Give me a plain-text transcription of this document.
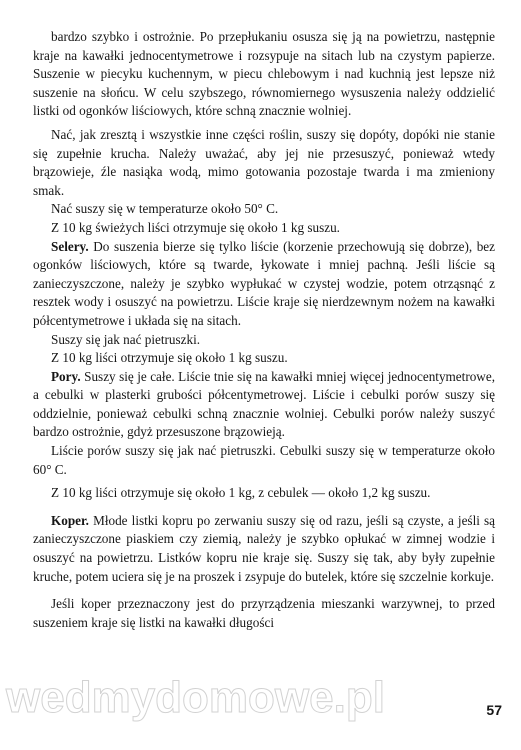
bardzo szybko i ostrożnie. Po przepłukaniu osusza się ją na powietrzu, następnie kraje na kawałki jednocentymetrowe i rozsypuje na sitach lub na czystym papierze. Suszenie w piecyku kuchennym, w piecu chlebowym i nad kuchnią jest lepsze niż suszenie na słońcu. W celu szybszego, równomiernego wysuszenia należy oddzielić listki od ogonków liściowych, które schną znacznie wolniej.

Nać, jak zresztą i wszystkie inne części roślin, suszy się dopóty, dopóki nie stanie się zupełnie krucha. Należy uważać, aby jej nie przesuszyć, ponieważ wtedy brązowieje, źle nasiąka wodą, mimo gotowania pozostaje twarda i ma zmieniony smak.

Nać suszy się w temperaturze około 50° C.

Z 10 kg świeżych liści otrzymuje się około 1 kg suszu.

Selery. Do suszenia bierze się tylko liście (korzenie przechowują się dobrze), bez ogonków liściowych, które są twarde, łykowate i mniej pachną. Jeśli liście są zanieczyszczone, należy je szybko wypłukać w czystej wodzie, potem otrząsnąć z resztek wody i osuszyć na powietrzu. Liście kraje się nierdzewnym nożem na kawałki półcentymetrowe i układa się na sitach.

Suszy się jak nać pietruszki.

Z 10 kg liści otrzymuje się około 1 kg suszu.

Pory. Suszy się je całe. Liście tnie się na kawałki mniej więcej jednocentymetrowe, a cebulki w plasterki grubości półcentymetrowej. Liście i cebulki porów suszy się oddzielnie, ponieważ cebulki schną znacznie wolniej. Cebulki porów należy suszyć bardzo ostrożnie, gdyż przesuszone brązowieją.

Liście porów suszy się jak nać pietruszki. Cebulki suszy się w temperaturze około 60° C.

Z 10 kg liści otrzymuje się około 1 kg, z cebulek — około 1,2 kg suszu.

Koper. Młode listki kopru po zerwaniu suszy się od razu, jeśli są czyste, a jeśli są zanieczyszczone piaskiem czy ziemią, należy je szybko opłukać w zimnej wodzie i osuszyć na powietrzu. Listków kopru nie kraje się. Suszy się tak, aby były zupełnie kruche, potem uciera się je na proszek i zsypuje do butelek, które się szczelnie korkuje.

Jeśli koper przeznaczony jest do przyrządzenia mieszanki warzywnej, to przed suszeniem kraje się listki na kawałki długości

wedmydomowe.pl	57
